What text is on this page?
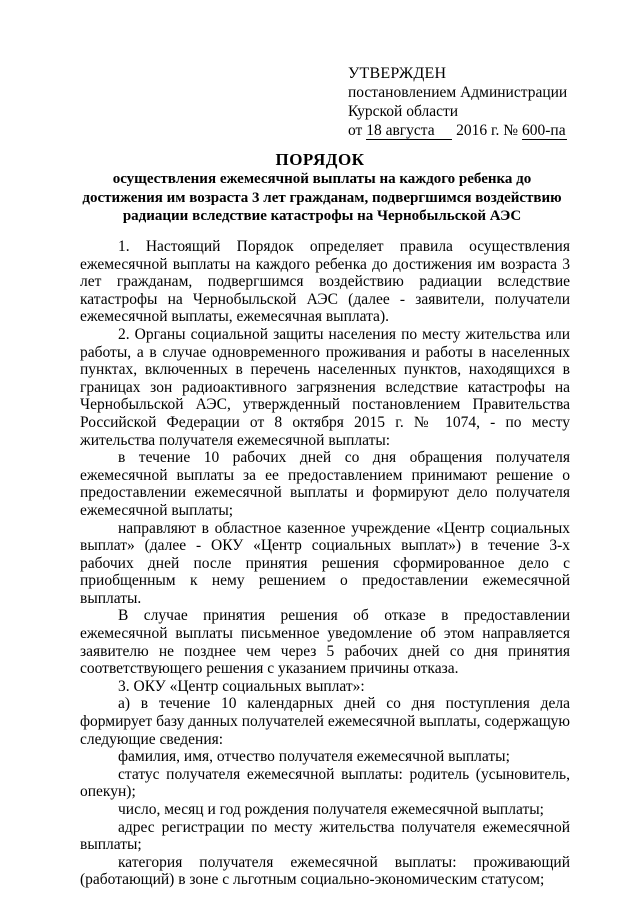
УТВЕРЖДЕН
постановлением Администрации
Курской области
от 18 августа 2016 г. № 600-па
ПОРЯДОК
осуществления ежемесячной выплаты на каждого ребенка до достижения им возраста 3 лет гражданам, подвергшимся воздействию радиации вследствие катастрофы на Чернобыльской АЭС

1. Настоящий Порядок определяет правила осуществления ежемесячной выплаты на каждого ребенка до достижения им возраста 3 лет гражданам, подвергшимся воздействию радиации вследствие катастрофы на Чернобыльской АЭС (далее - заявители, получатели ежемесячной выплаты, ежемесячная выплата).

2. Органы социальной защиты населения по месту жительства или работы, а в случае одновременного проживания и работы в населенных пунктах, включенных в перечень населенных пунктов, находящихся в границах зон радиоактивного загрязнения вследствие катастрофы на Чернобыльской АЭС, утвержденный постановлением Правительства Российской Федерации от 8 октября 2015 г. № 1074, - по месту жительства получателя ежемесячной выплаты:

в течение 10 рабочих дней со дня обращения получателя ежемесячной выплаты за ее предоставлением принимают решение о предоставлении ежемесячной выплаты и формируют дело получателя ежемесячной выплаты;

направляют в областное казенное учреждение «Центр социальных выплат» (далее - ОКУ «Центр социальных выплат») в течение 3-х рабочих дней после принятия решения сформированное дело с приобщенным к нему решением о предоставлении ежемесячной выплаты.

В случае принятия решения об отказе в предоставлении ежемесячной выплаты письменное уведомление об этом направляется заявителю не позднее чем через 5 рабочих дней со дня принятия соответствующего решения с указанием причины отказа.

3. ОКУ «Центр социальных выплат»:

а) в течение 10 календарных дней со дня поступления дела формирует базу данных получателей ежемесячной выплаты, содержащую следующие сведения:

фамилия, имя, отчество получателя ежемесячной выплаты;

статус получателя ежемесячной выплаты: родитель (усыновитель, опекун);

число, месяц и год рождения получателя ежемесячной выплаты;

адрес регистрации по месту жительства получателя ежемесячной выплаты;

категория получателя ежемесячной выплаты: проживающий (работающий) в зоне с льготным социально-экономическим статусом;
